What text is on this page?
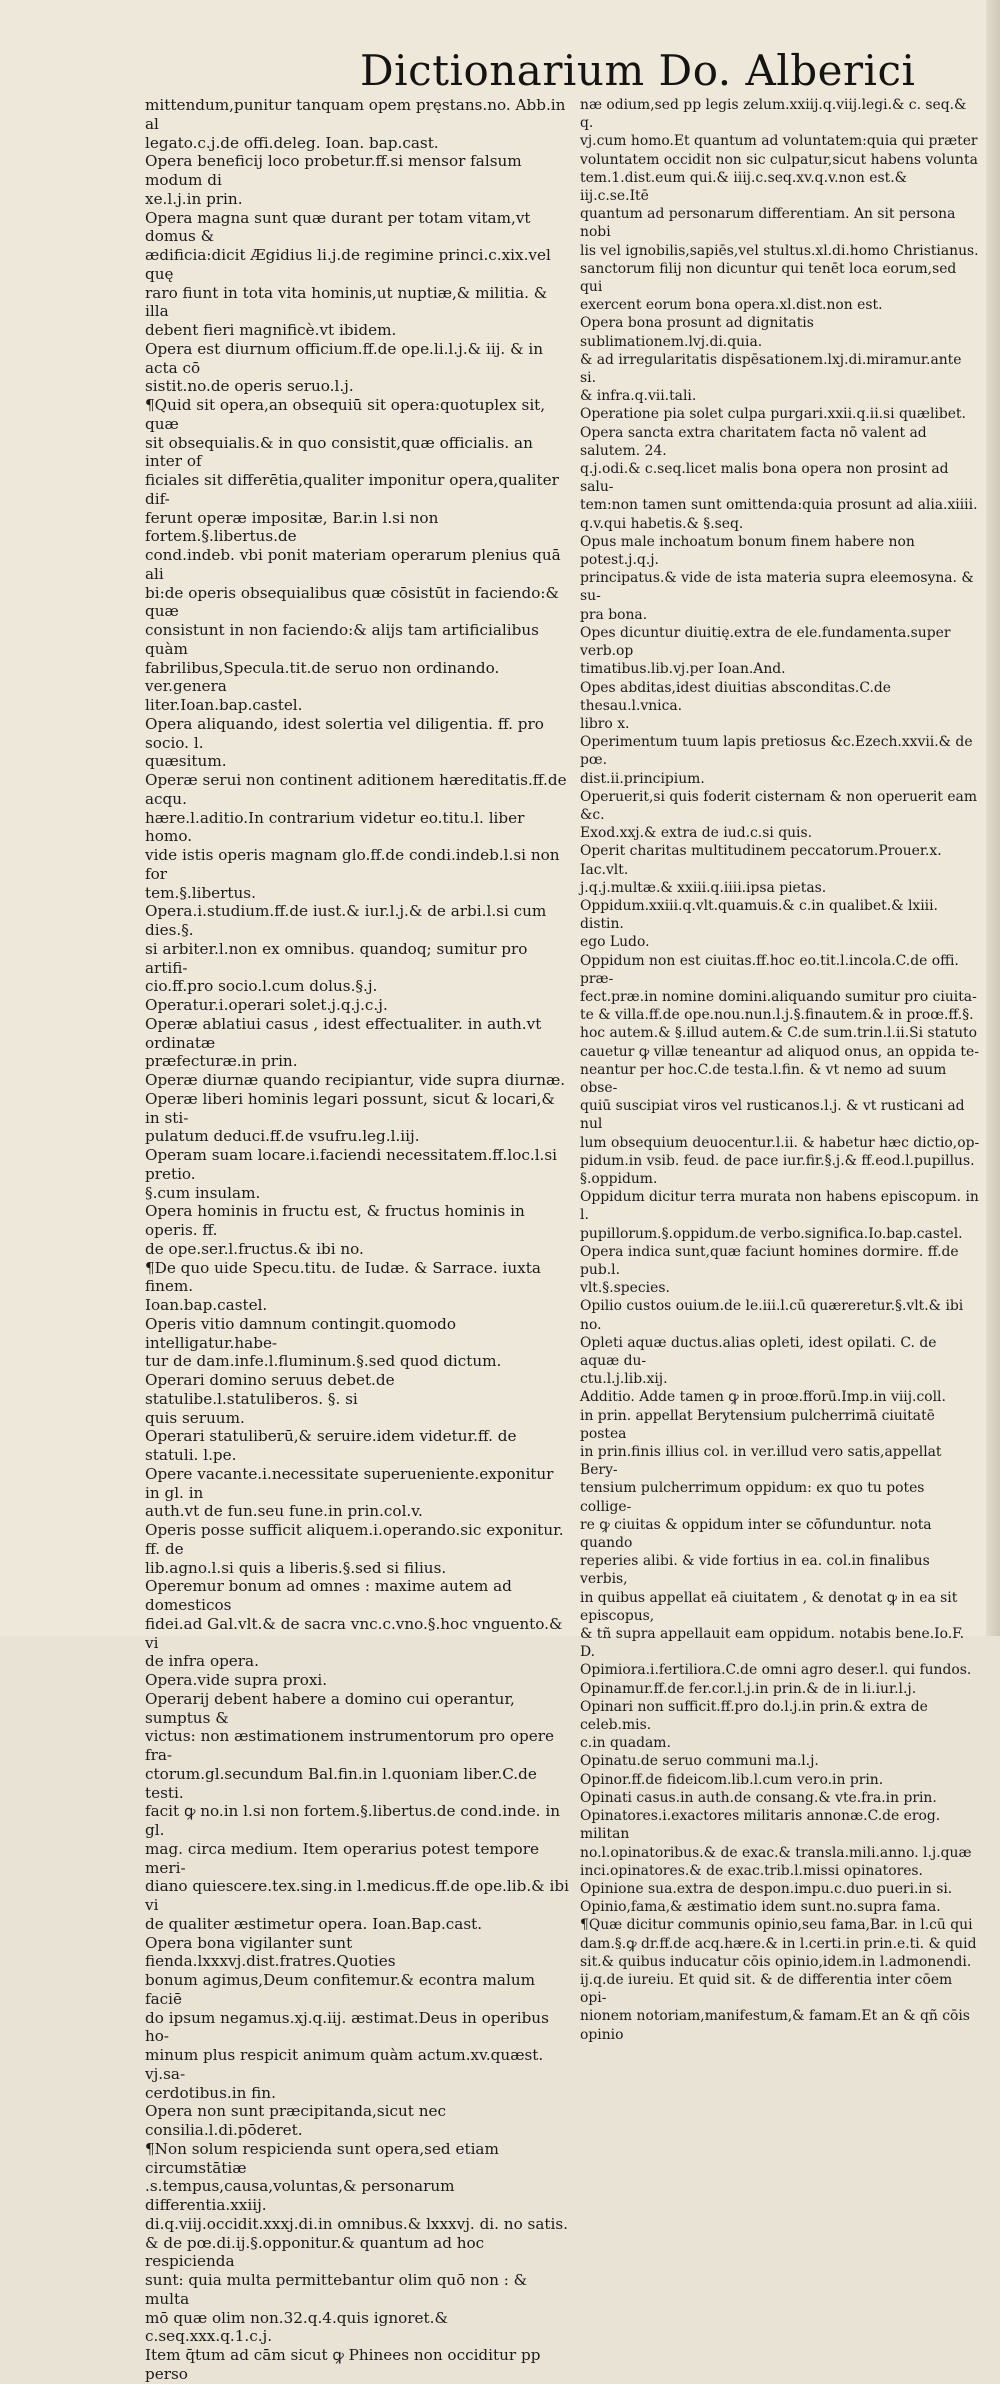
Dictionarium Do. Alberici

mittendum,punitur tanquam opem pręstans.no. Abb.in al

legato.c.j.de offi.deleg. Ioan. bap.cast.

Opera beneficij loco probetur.ff.si mensor falsum modum di

xe.l.j.in prin.

Opera magna sunt quæ durant per totam vitam,vt domus &

ædificia:dicit Ægidius li.j.de regimine princi.c.xix.vel quę

raro fiunt in tota vita hominis,ut nuptiæ,& militia. & illa

debent fieri magnificè.vt ibidem.

Opera est diurnum officium.ff.de ope.li.l.j.& iij. & in acta cō

sistit.no.de operis seruo.l.j.

¶Quid sit opera,an obsequiū sit opera:quotuplex sit, quæ

sit obsequialis.& in quo consistit,quæ officialis. an inter of

ficiales sit differētia,qualiter imponitur opera,qualiter dif-

ferunt operæ impositæ, Bar.in l.si non fortem.§.libertus.de

cond.indeb. vbi ponit materiam operarum plenius quā ali

bi:de operis obsequialibus quæ cōsistūt in faciendo:& quæ

consistunt in non faciendo:& alijs tam artificialibus quàm

fabrilibus,Specula.tit.de seruo non ordinando. ver.genera

liter.Ioan.bap.castel.

Opera aliquando, idest solertia vel diligentia. ff. pro socio. l.

quæsitum.

Operæ serui non continent aditionem hæreditatis.ff.de acqu.

hære.l.aditio.In contrarium videtur eo.titu.l. liber homo.

vide istis operis magnam glo.ff.de condi.indeb.l.si non for

tem.§.libertus.

Opera.i.studium.ff.de iust.& iur.l.j.& de arbi.l.si cum dies.§.

si arbiter.l.non ex omnibus. quandoq; sumitur pro artifi-

cio.ff.pro socio.l.cum dolus.§.j.

Operatur.i.operari solet.j.q.j.c.j.

Operæ ablatiui casus , idest effectualiter. in auth.vt ordinatæ

præfecturæ.in prin.

Operæ diurnæ quando recipiantur, vide supra diurnæ.

Operæ liberi hominis legari possunt, sicut & locari,& in sti-

pulatum deduci.ff.de vsufru.leg.l.iij.

Operam suam locare.i.faciendi necessitatem.ff.loc.l.si pretio.

§.cum insulam.

Opera hominis in fructu est, & fructus hominis in operis. ff.

de ope.ser.l.fructus.& ibi no.

¶De quo uide Specu.titu. de Iudæ. & Sarrace. iuxta finem.

Ioan.bap.castel.

Operis vitio damnum contingit.quomodo intelligatur.habe-

tur de dam.infe.l.fluminum.§.sed quod dictum.

Operari domino seruus debet.de statulibe.l.statuliberos. §. si

quis seruum.

Operari statuliberū,& seruire.idem videtur.ff. de statuli. l.pe.

Opere vacante.i.necessitate superueniente.exponitur in gl. in

auth.vt de fun.seu fune.in prin.col.v.

Operis posse sufficit aliquem.i.operando.sic exponitur. ff. de

lib.agno.l.si quis a liberis.§.sed si filius.

Operemur bonum ad omnes : maxime autem ad domesticos

fidei.ad Gal.vlt.& de sacra vnc.c.vno.§.hoc vnguento.& vi

de infra opera.

Opera.vide supra proxi.

Operarij debent habere a domino cui operantur, sumptus &

victus: non æstimationem instrumentorum pro opere fra-

ctorum.gl.secundum Bal.fin.in l.quoniam liber.C.de testi.

facit ꝙ no.in l.si non fortem.§.libertus.de cond.inde. in gl.

mag. circa medium. Item operarius potest tempore meri-

diano quiescere.tex.sing.in l.medicus.ff.de ope.lib.& ibi vi

de qualiter æstimetur opera. Ioan.Bap.cast.

Opera bona vigilanter sunt fienda.lxxxvj.dist.fratres.Quoties

bonum agimus,Deum confitemur.& econtra malum faciē

do ipsum negamus.xj.q.iij. æstimat.Deus in operibus ho-

minum plus respicit animum quàm actum.xv.quæst. vj.sa-

cerdotibus.in fin.

Opera non sunt præcipitanda,sicut nec consilia.l.di.pōderet.

¶Non solum respicienda sunt opera,sed etiam circumstātiæ

.s.tempus,causa,voluntas,& personarum differentia.xxiij.

di.q.viij.occidit.xxxj.di.in omnibus.& lxxxvj. di. no satis.

& de pœ.di.ij.§.opponitur.& quantum ad hoc respicienda

sunt: quia multa permittebantur olim quō non : & multa

mō quæ olim non.32.q.4.quis ignoret.& c.seq.xxx.q.1.c.j.

Item q̄tum ad cām sicut ꝙ Phinees non occiditur pp perso

næ odium,sed pp legis zelum.xxiij.q.viij.legi.& c. seq.& q.

vj.cum homo.Et quantum ad voluntatem:quia qui præter

voluntatem occidit non sic culpatur,sicut habens volunta

tem.1.dist.eum qui.& iiij.c.seq.xv.q.v.non est.& iij.c.se.Itē

quantum ad personarum differentiam. An sit persona nobi

lis vel ignobilis,sapiēs,vel stultus.xl.di.homo Christianus.

sanctorum filij non dicuntur qui tenēt loca eorum,sed qui

exercent eorum bona opera.xl.dist.non est.

Opera bona prosunt ad dignitatis sublimationem.lvj.di.quia.

& ad irregularitatis dispēsationem.lxj.di.miramur.ante si.

& infra.q.vii.tali.

Operatione pia solet culpa purgari.xxii.q.ii.si quælibet.

Opera sancta extra charitatem facta nō valent ad salutem. 24.

q.j.odi.& c.seq.licet malis bona opera non prosint ad salu-

tem:non tamen sunt omittenda:quia prosunt ad alia.xiiii.

q.v.qui habetis.& §.seq.

Opus male inchoatum bonum finem habere non potest.j.q.j.

principatus.& vide de ista materia supra eleemosyna. & su-

pra bona.

Opes dicuntur diuitię.extra de ele.fundamenta.super verb.op

timatibus.lib.vj.per Ioan.And.

Opes abditas,idest diuitias absconditas.C.de thesau.l.vnica.

libro x.

Operimentum tuum lapis pretiosus &c.Ezech.xxvii.& de pœ.

dist.ii.principium.

Operuerit,si quis foderit cisternam & non operuerit eam &c.

Exod.xxj.& extra de iud.c.si quis.

Operit charitas multitudinem peccatorum.Prouer.x. Iac.vlt.

j.q.j.multæ.& xxiii.q.iiii.ipsa pietas.

Oppidum.xxiii.q.vlt.quamuis.& c.in qualibet.& lxiii. distin.

ego Ludo.

Oppidum non est ciuitas.ff.hoc eo.tit.l.incola.C.de offi. præ-

fect.præ.in nomine domini.aliquando sumitur pro ciuita-

te & villa.ff.de ope.nou.nun.l.j.§.finautem.& in proœ.ff.§.

hoc autem.& §.illud autem.& C.de sum.trin.l.ii.Si statuto

cauetur ꝙ villæ teneantur ad aliquod onus, an oppida te-

neantur per hoc.C.de testa.l.fin. & vt nemo ad suum obse-

quiū suscipiat viros vel rusticanos.l.j. & vt rusticani ad nul

lum obsequium deuocentur.l.ii. & habetur hæc dictio,op-

pidum.in vsib. feud. de pace iur.fir.§.j.& ff.eod.l.pupillus.

§.oppidum.

Oppidum dicitur terra murata non habens episcopum. in l.

pupillorum.§.oppidum.de verbo.significa.Io.bap.castel.

Opera indica sunt,quæ faciunt homines dormire. ff.de pub.l.

vlt.§.species.

Opilio custos ouium.de le.iii.l.cū quæreretur.§.vlt.& ibi no.

Opleti aquæ ductus.alias opleti, idest opilati. C. de aquæ du-

ctu.l.j.lib.xij.

Additio. Adde tamen ꝙ in proœ.fforū.Imp.in viij.coll.

in prin. appellat Berytensium pulcherrimā ciuitatē postea

in prin.finis illius col. in ver.illud vero satis,appellat Bery-

tensium pulcherrimum oppidum: ex quo tu potes collige-

re ꝙ ciuitas & oppidum inter se cōfunduntur. nota quando

reperies alibi. & vide fortius in ea. col.in finalibus verbis,

in quibus appellat eā ciuitatem , & denotat ꝙ in ea sit episcopus,

& tñ supra appellauit eam oppidum. notabis bene.Io.F. D.

Opimiora.i.fertiliora.C.de omni agro deser.l. qui fundos.

Opinamur.ff.de fer.cor.l.j.in prin.& de in li.iur.l.j.

Opinari non sufficit.ff.pro do.l.j.in prin.& extra de celeb.mis.

c.in quadam.

Opinatu.de seruo communi ma.l.j.

Opinor.ff.de fideicom.lib.l.cum vero.in prin.

Opinati casus.in auth.de consang.& vte.fra.in prin.

Opinatores.i.exactores militaris annonæ.C.de erog. militan

no.l.opinatoribus.& de exac.& transla.mili.anno. l.j.quæ

inci.opinatores.& de exac.trib.l.missi opinatores.

Opinione sua.extra de despon.impu.c.duo pueri.in si.

Opinio,fama,& æstimatio idem sunt.no.supra fama.

¶Quæ dicitur communis opinio,seu fama,Bar. in l.cū qui

dam.§.ꝙ dr.ff.de acq.hære.& in l.certi.in prin.e.ti. & quid

sit.& quibus inducatur cōis opinio,idem.in l.admonendi.

ij.q.de iureiu. Et quid sit. & de differentia inter cōem opi-

nionem notoriam,manifestum,& famam.Et an & qñ cōis

opinio
